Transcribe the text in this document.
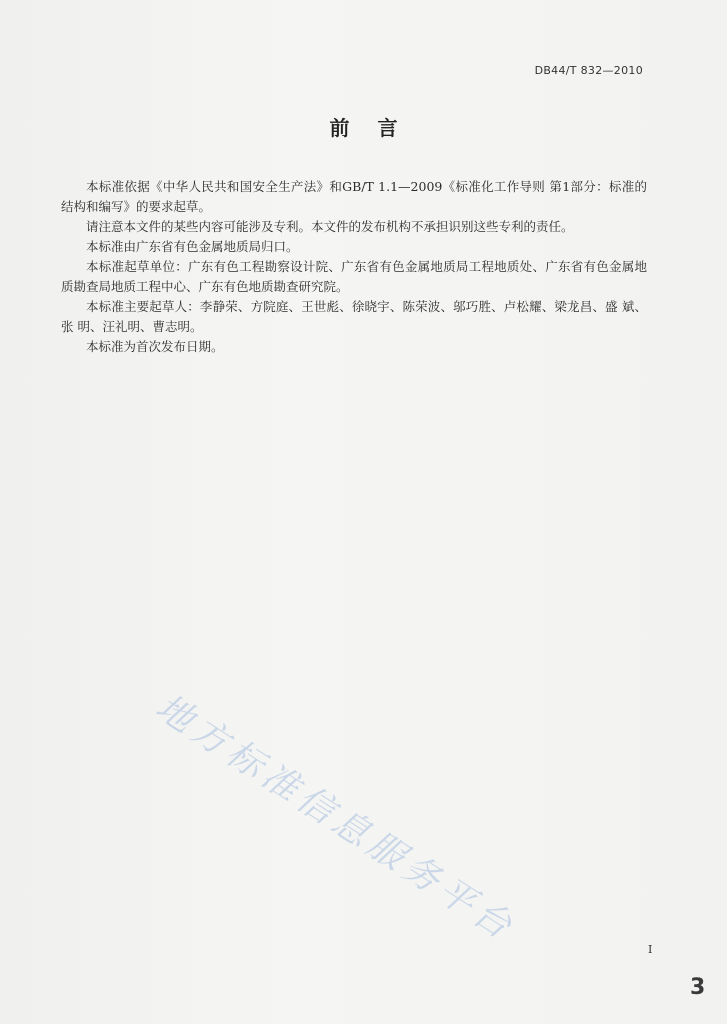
DB44/T 832—2010
前言

本标准依据《中华人民共和国安全生产法》和GB/T 1.1—2009《标准化工作导则 第1部分：标准的结构和编写》的要求起草。

请注意本文件的某些内容可能涉及专利。本文件的发布机构不承担识别这些专利的责任。

本标准由广东省有色金属地质局归口。

本标准起草单位：广东有色工程勘察设计院、广东省有色金属地质局工程地质处、广东省有色金属地质勘查局地质工程中心、广东有色地质勘查研究院。

本标准主要起草人：李静荣、方院庭、王世彪、徐晓宇、陈荣波、邬巧胜、卢松耀、梁龙昌、盛 斌、张 明、汪礼明、曹志明。

本标准为首次发布日期。

地方标准信息服务平台	I
3
